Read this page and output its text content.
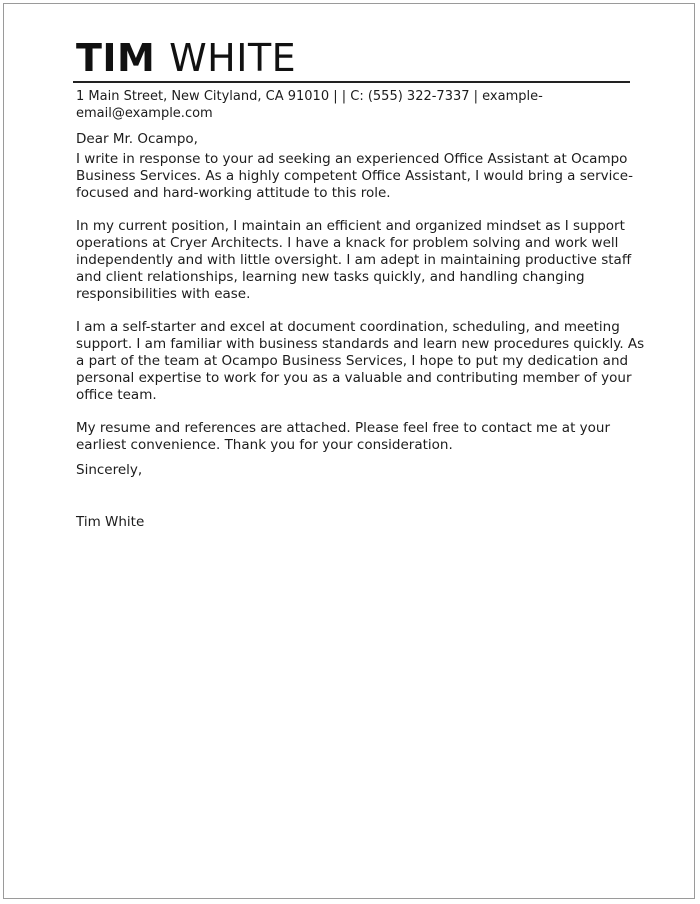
TIM WHITE
1 Main Street, New Cityland, CA 91010 | | C: (555) 322-7337 | example-
email@example.com
Dear Mr. Ocampo,
I write in response to your ad seeking an experienced Office Assistant at Ocampo
Business Services. As a highly competent Office Assistant, I would bring a service-
focused and hard-working attitude to this role.
In my current position, I maintain an efficient and organized mindset as I support
operations at Cryer Architects. I have a knack for problem solving and work well
independently and with little oversight. I am adept in maintaining productive staff
and client relationships, learning new tasks quickly, and handling changing
responsibilities with ease.
I am a self-starter and excel at document coordination, scheduling, and meeting
support. I am familiar with business standards and learn new procedures quickly. As
a part of the team at Ocampo Business Services, I hope to put my dedication and
personal expertise to work for you as a valuable and contributing member of your
office team.
My resume and references are attached. Please feel free to contact me at your
earliest convenience. Thank you for your consideration.
Sincerely,
Tim White
